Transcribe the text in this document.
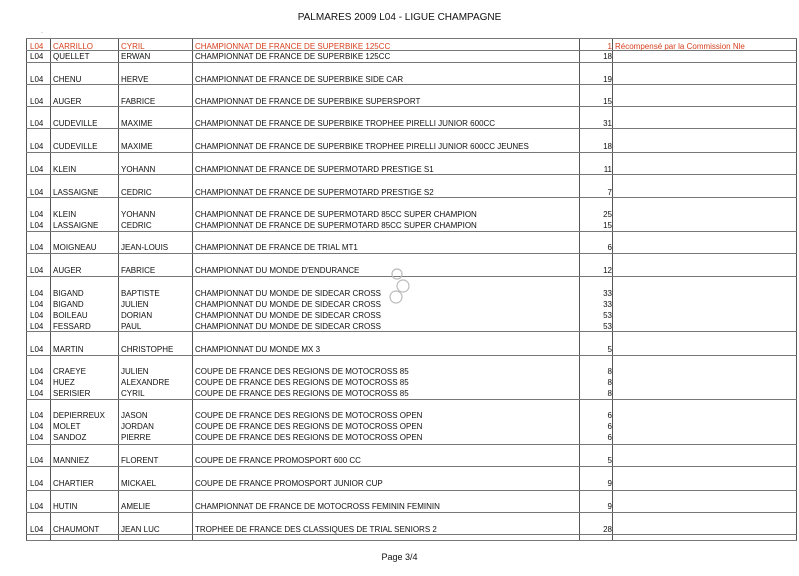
PALMARES 2009 L04 - LIGUE CHAMPAGNE
·
L04 CARRILLO	CYRIL	CHAMPIONNAT DE FRANCE DE SUPERBIKE 125CC	1 Récompensé par la Commission Nle
L04 QUELLET	ERWAN	CHAMPIONNAT DE FRANCE DE SUPERBIKE 125CC	18
L04 CHENU	HERVE	CHAMPIONNAT DE FRANCE DE SUPERBIKE SIDE CAR	19
L04 AUGER	FABRICE	CHAMPIONNAT DE FRANCE DE SUPERBIKE SUPERSPORT	15
L04 CUDEVILLE	MAXIME	CHAMPIONNAT DE FRANCE DE SUPERBIKE TROPHEE PIRELLI JUNIOR 600CC	31
L04 CUDEVILLE	MAXIME	CHAMPIONNAT DE FRANCE DE SUPERBIKE TROPHEE PIRELLI JUNIOR 600CC JEUNES	18
L04 KLEIN	YOHANN	CHAMPIONNAT DE FRANCE DE SUPERMOTARD PRESTIGE S1	11
L04 LASSAIGNE	CEDRIC	CHAMPIONNAT DE FRANCE DE SUPERMOTARD PRESTIGE S2	7
L04 KLEIN	YOHANN	CHAMPIONNAT DE FRANCE DE SUPERMOTARD 85CC SUPER CHAMPION	25
L04 LASSAIGNE	CEDRIC	CHAMPIONNAT DE FRANCE DE SUPERMOTARD 85CC SUPER CHAMPION	15
L04 MOIGNEAU	JEAN-LOUIS	CHAMPIONNAT DE FRANCE DE TRIAL MT1	6
L04 AUGER	FABRICE	CHAMPIONNAT DU MONDE D'ENDURANCE	12
L04 BIGAND	BAPTISTE	CHAMPIONNAT DU MONDE DE SIDECAR CROSS	33
L04 BIGAND	JULIEN	CHAMPIONNAT DU MONDE DE SIDECAR CROSS	33
L04 BOILEAU	DORIAN	CHAMPIONNAT DU MONDE DE SIDECAR CROSS	53
L04 FESSARD	PAUL	CHAMPIONNAT DU MONDE DE SIDECAR CROSS	53
L04 MARTIN	CHRISTOPHE	CHAMPIONNAT DU MONDE MX 3	5
L04 CRAEYE	JULIEN	COUPE DE FRANCE DES REGIONS DE MOTOCROSS 85	8
L04 HUEZ	ALEXANDRE	COUPE DE FRANCE DES REGIONS DE MOTOCROSS 85	8
L04 SERISIER	CYRIL	COUPE DE FRANCE DES REGIONS DE MOTOCROSS 85	8
L04 DEPIERREUX	JASON	COUPE DE FRANCE DES REGIONS DE MOTOCROSS OPEN	6
L04 MOLET	JORDAN	COUPE DE FRANCE DES REGIONS DE MOTOCROSS OPEN	6
L04 SANDOZ	PIERRE	COUPE DE FRANCE DES REGIONS DE MOTOCROSS OPEN	6
L04 MANNIEZ	FLORENT	COUPE DE FRANCE PROMOSPORT 600 CC	5
L04 CHARTIER	MICKAEL	COUPE DE FRANCE PROMOSPORT JUNIOR CUP	9
L04 HUTIN	AMELIE	CHAMPIONNAT DE FRANCE DE MOTOCROSS FEMININ FEMININ	9
L04 CHAUMONT	JEAN LUC	TROPHEE DE FRANCE DES CLASSIQUES DE TRIAL SENIORS 2	28
Page 3/4
